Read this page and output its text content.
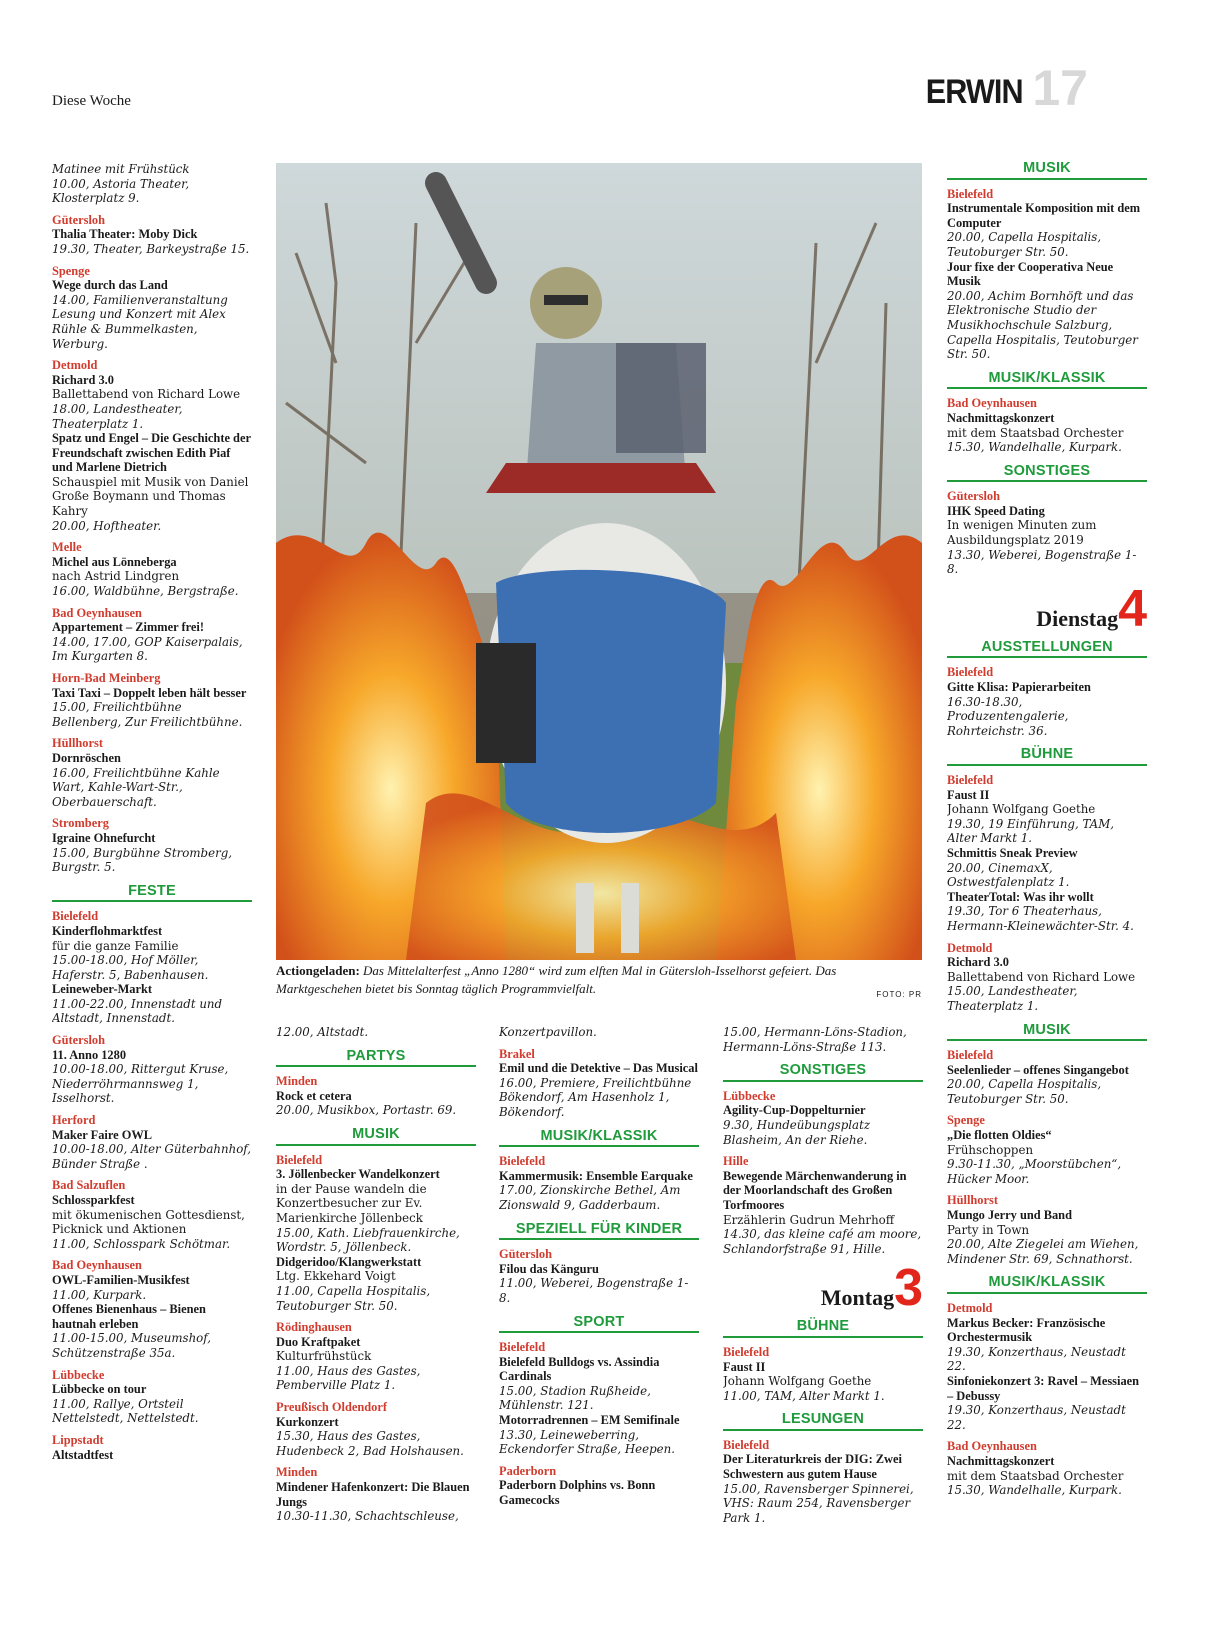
Diese Woche	ERWIN 17
Matinee mit Frühstück
10.00, Astoria Theater, Klosterplatz 9.
Gütersloh
Thalia Theater: Moby Dick
19.30, Theater, Barkeystraße 15.
Spenge
Wege durch das Land
14.00, Familienveranstaltung Lesung und Konzert mit Alex Rühle & Bummelkasten, Werburg.
Detmold
Richard 3.0
Ballettabend von Richard Lowe
18.00, Landestheater, Theaterplatz 1.
Spatz und Engel – Die Geschichte der Freundschaft zwischen Edith Piaf und Marlene Dietrich
Schauspiel mit Musik von Daniel Große Boymann und Thomas Kahry
20.00, Hoftheater.
Melle
Michel aus Lönneberga
nach Astrid Lindgren
16.00, Waldbühne, Bergstraße.
Bad Oeynhausen
Appartement – Zimmer frei!
14.00, 17.00, GOP Kaiserpalais, Im Kurgarten 8.
Horn-Bad Meinberg
Taxi Taxi – Doppelt leben hält besser
15.00, Freilichtbühne Bellenberg, Zur Freilichtbühne.
Hüllhorst
Dornröschen
16.00, Freilichtbühne Kahle Wart, Kahle-Wart-Str., Oberbauerschaft.
Stromberg
Igraine Ohnefurcht
15.00, Burgbühne Stromberg, Burgstr. 5.
FESTE
Bielefeld
Kinderflohmarktfest
für die ganze Familie
15.00-18.00, Hof Möller, Haferstr. 5, Babenhausen.
Leineweber-Markt
11.00-22.00, Innenstadt und Altstadt, Innenstadt.
Gütersloh
11. Anno 1280
10.00-18.00, Rittergut Kruse, Niederröhrmannsweg 1, Isselhorst.
Herford
Maker Faire OWL
10.00-18.00, Alter Güterbahnhof, Bünder Straße .
Bad Salzuflen
Schlossparkfest
mit ökumenischen Gottesdienst, Picknick und Aktionen
11.00, Schlosspark Schötmar.
Bad Oeynhausen
OWL-Familien-Musikfest
11.00, Kurpark.
Offenes Bienenhaus – Bienen hautnah erleben
11.00-15.00, Museumshof, Schützenstraße 35a.
Lübbecke
Lübbecke on tour
11.00, Rallye, Ortsteil Nettelstedt, Nettelstedt.
Lippstadt
Altstadtfest
12.00, Altstadt.
PARTYS
Minden
Rock et cetera
20.00, Musikbox, Portastr. 69.
MUSIK
Bielefeld
3. Jöllenbecker Wandelkonzert
in der Pause wandeln die Konzertbesucher zur Ev. Marienkirche Jöllenbeck
15.00, Kath. Liebfrauenkirche, Wordstr. 5, Jöllenbeck.
Didgeridoo/Klangwerkstatt
Ltg. Ekkehard Voigt
11.00, Capella Hospitalis, Teutoburger Str. 50.
Rödinghausen
Duo Kraftpaket
Kulturfrühstück
11.00, Haus des Gastes, Pemberville Platz 1.
Preußisch Oldendorf
Kurkonzert
15.30, Haus des Gastes, Hudenbeck 2, Bad Holshausen.
Minden
Mindener Hafenkonzert: Die Blauen Jungs
10.30-11.30, Schachtschleuse,
Konzertpavillon.
Brakel
Emil und die Detektive – Das Musical
16.00, Premiere, Freilichtbühne Bökendorf, Am Hasenholz 1, Bökendorf.
MUSIK/KLASSIK
Bielefeld
Kammermusik: Ensemble Earquake
17.00, Zionskirche Bethel, Am Zionswald 9, Gadderbaum.
SPEZIELL FÜR KINDER
Gütersloh
Filou das Känguru
11.00, Weberei, Bogenstraße 1-8.
SPORT
Bielefeld
Bielefeld Bulldogs vs. Assindia Cardinals
15.00, Stadion Rußheide, Mühlenstr. 121.
Motorradrennen – EM Semifinale
13.30, Leineweberring, Eckendorfer Straße, Heepen.
Paderborn
Paderborn Dolphins vs. Bonn Gamecocks
15.00, Hermann-Löns-Stadion, Hermann-Löns-Straße 113.
SONSTIGES
Lübbecke
Agility-Cup-Doppelturnier
9.30, Hundeübungsplatz Blasheim, An der Riehe.
Hille
Bewegende Märchenwanderung in der Moorlandschaft des Großen Torfmoores
Erzählerin Gudrun Mehrhoff
14.30, das kleine café am moore, Schlandorfstraße 91, Hille.
Montag 3
BÜHNE
Bielefeld
Faust II
Johann Wolfgang Goethe
11.00, TAM, Alter Markt 1.
LESUNGEN
Bielefeld
Der Literaturkreis der DIG: Zwei Schwestern aus gutem Hause
15.00, Ravensberger Spinnerei, VHS: Raum 254, Ravensberger Park 1.
MUSIK
Bielefeld
Instrumentale Komposition mit dem Computer
20.00, Capella Hospitalis, Teutoburger Str. 50.
Jour fixe der Cooperativa Neue Musik
20.00, Achim Bornhöft und das Elektronische Studio der Musikhochschule Salzburg, Capella Hospitalis, Teutoburger Str. 50.
MUSIK/KLASSIK
Bad Oeynhausen
Nachmittagskonzert
mit dem Staatsbad Orchester
15.30, Wandelhalle, Kurpark.
SONSTIGES
Gütersloh
IHK Speed Dating
In wenigen Minuten zum Ausbildungsplatz 2019
13.30, Weberei, Bogenstraße 1-8.
Dienstag 4
AUSSTELLUNGEN
Bielefeld
Gitte Klisa: Papierarbeiten
16.30-18.30, Produzentengalerie, Rohrteichstr. 36.
BÜHNE
Bielefeld
Faust II
Johann Wolfgang Goethe
19.30, 19 Einführung, TAM, Alter Markt 1.
Schmittis Sneak Preview
20.00, CinemaxX, Ostwestfalenplatz 1.
TheaterTotal: Was ihr wollt
19.30, Tor 6 Theaterhaus, Hermann-Kleinewächter-Str. 4.
Detmold
Richard 3.0
Ballettabend von Richard Lowe
15.00, Landestheater, Theaterplatz 1.
MUSIK
Bielefeld
Seelenlieder – offenes Singangebot
20.00, Capella Hospitalis, Teutoburger Str. 50.
Spenge
„Die flotten Oldies“
Frühschoppen
9.30-11.30, „Moorstübchen“, Hücker Moor.
Hüllhorst
Mungo Jerry und Band
Party in Town
20.00, Alte Ziegelei am Wiehen, Mindener Str. 69, Schnathorst.
MUSIK/KLASSIK
Detmold
Markus Becker: Französische Orchestermusik
19.30, Konzerthaus, Neustadt 22.
Sinfoniekonzert 3: Ravel – Messiaen – Debussy
19.30, Konzerthaus, Neustadt 22.
Bad Oeynhausen
Nachmittagskonzert
mit dem Staatsbad Orchester
15.30, Wandelhalle, Kurpark.
Actiongeladen: Das Mittelalterfest „Anno 1280“ wird zum elften Mal in Gütersloh-Isselhorst gefeiert. Das Marktgeschehen bietet bis Sonntag täglich Programmvielfalt.	FOTO: PR
